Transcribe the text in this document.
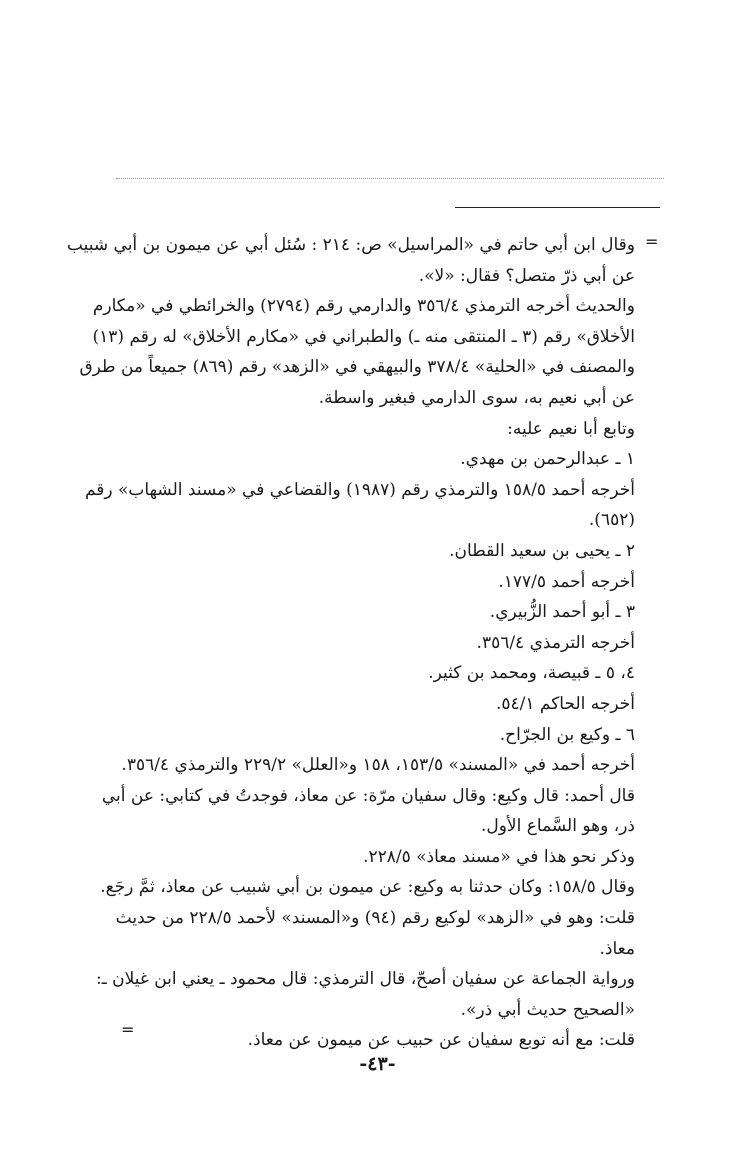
=
=
وقال ابن أبي حاتم في «المراسيل» ص: ٢١٤ : سُئل أبي عن ميمون بن أبي شبيب
عن أبي ذرّ متصل؟ فقال: «لا».
والحديث أخرجه الترمذي ٣٥٦/٤ والدارمي رقم (٢٧٩٤) والخرائطي في «مكارم
الأخلاق» رقم (٣ ـ المنتقى منه ـ) والطبراني في «مكارم الأخلاق» له رقم (١٣)
والمصنف في «الحلية» ٣٧٨/٤ والبيهقي في «الزهد» رقم (٨٦٩) جميعاً من طرق
عن أبي نعيم به، سوى الدارمي فبغير واسطة.
وتابع أبا نعيم عليه:
١ ـ عبدالرحمن بن مهدي.
أخرجه أحمد ١٥٨/٥ والترمذي رقم (١٩٨٧) والقضاعي في «مسند الشهاب» رقم
(٦٥٢).
٢ ـ يحيى بن سعيد القطان.
أخرجه أحمد ١٧٧/٥.
٣ ـ أبو أحمد الزُّبيري.
أخرجه الترمذي ٣٥٦/٤.
٤، ٥ ـ قبيصة، ومحمد بن كثير.
أخرجه الحاكم ٥٤/١.
٦ ـ وكيع بن الجرّاح.
أخرجه أحمد في «المسند» ١٥٣/٥، ١٥٨ و«العلل» ٢٢٩/٢ والترمذي ٣٥٦/٤.
قال أحمد: قال وكيع: وقال سفيان مرّة: عن معاذ، فوجدتُ في كتابي: عن أبي
ذر، وهو السَّماع الأول.
وذكر نحو هذا في «مسند معاذ» ٢٢٨/٥.
وقال ١٥٨/٥: وكان حدثنا به وكيع: عن ميمون بن أبي شبيب عن معاذ، ثمَّ رجَع.
قلت: وهو في «الزهد» لوكيع رقم (٩٤) و«المسند» لأحمد ٢٢٨/٥ من حديث
معاذ.
ورواية الجماعة عن سفيان أصحّ، قال الترمذي: قال محمود ـ يعني ابن غيلان ـ:
«الصحيح حديث أبي ذر».
قلت: مع أنه توبع سفيان عن حبيب عن ميمون عن معاذ.
-٤٣-
